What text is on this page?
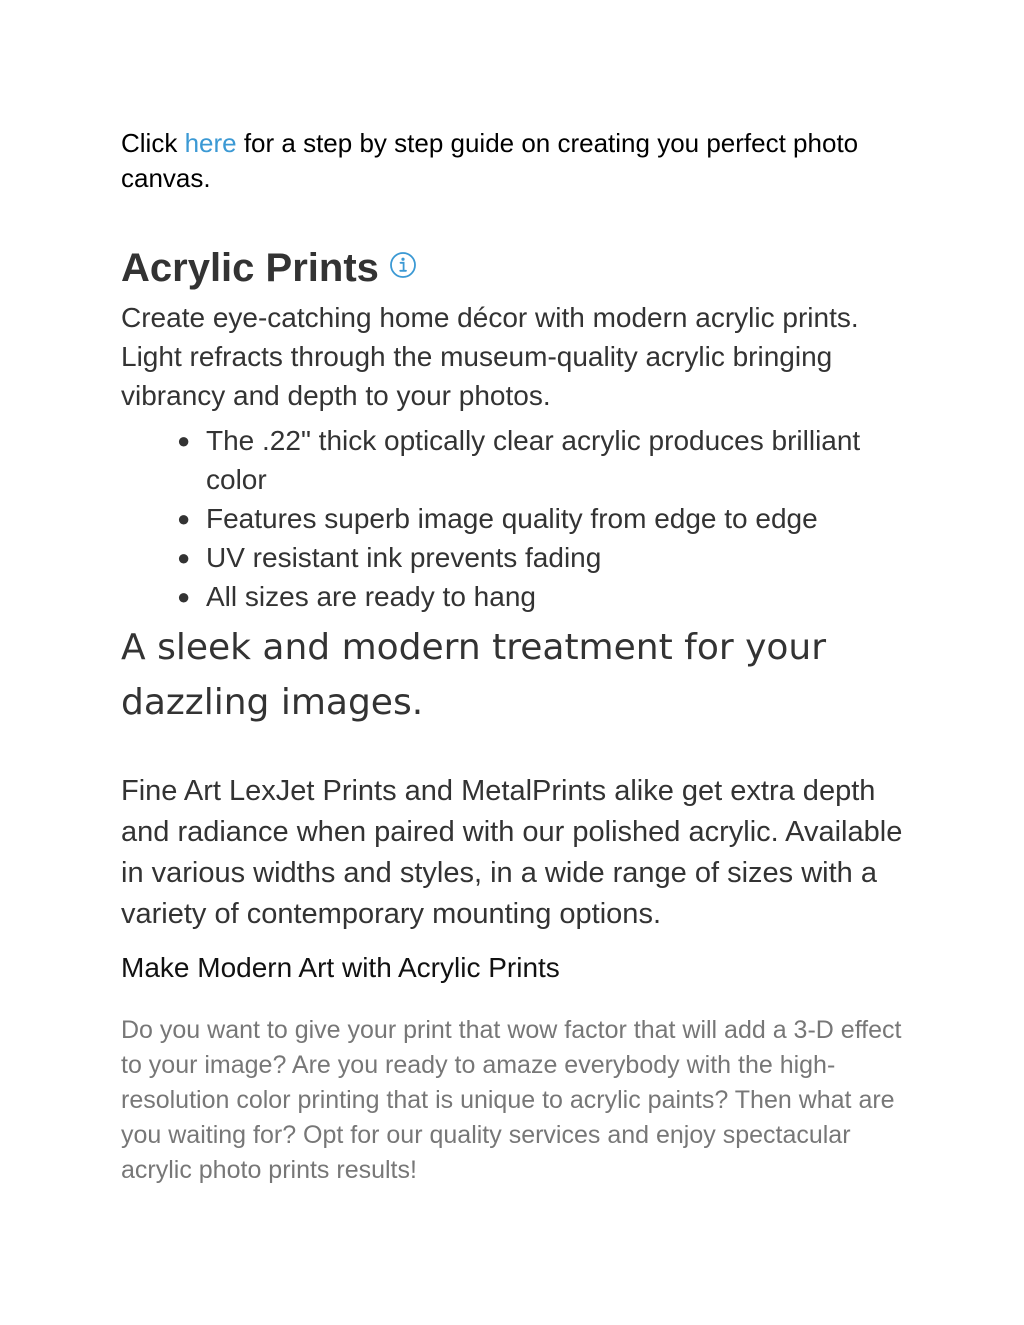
Click here for a step by step guide on creating you perfect photo canvas.

Acrylic Prints

Create eye-catching home décor with modern acrylic prints. Light refracts through the museum-quality acrylic bringing vibrancy and depth to your photos.

● The .22" thick optically clear acrylic produces brilliant color
● Features superb image quality from edge to edge
● UV resistant ink prevents fading
● All sizes are ready to hang
A sleek and modern treatment for your dazzling images.

Fine Art LexJet Prints and MetalPrints alike get extra depth and radiance when paired with our polished acrylic. Available in various widths and styles, in a wide range of sizes with a variety of contemporary mounting options.

Make Modern Art with Acrylic Prints

Do you want to give your print that wow factor that will add a 3-D effect to your image? Are you ready to amaze everybody with the high-resolution color printing that is unique to acrylic paints? Then what are you waiting for? Opt for our quality services and enjoy spectacular acrylic photo prints results!
